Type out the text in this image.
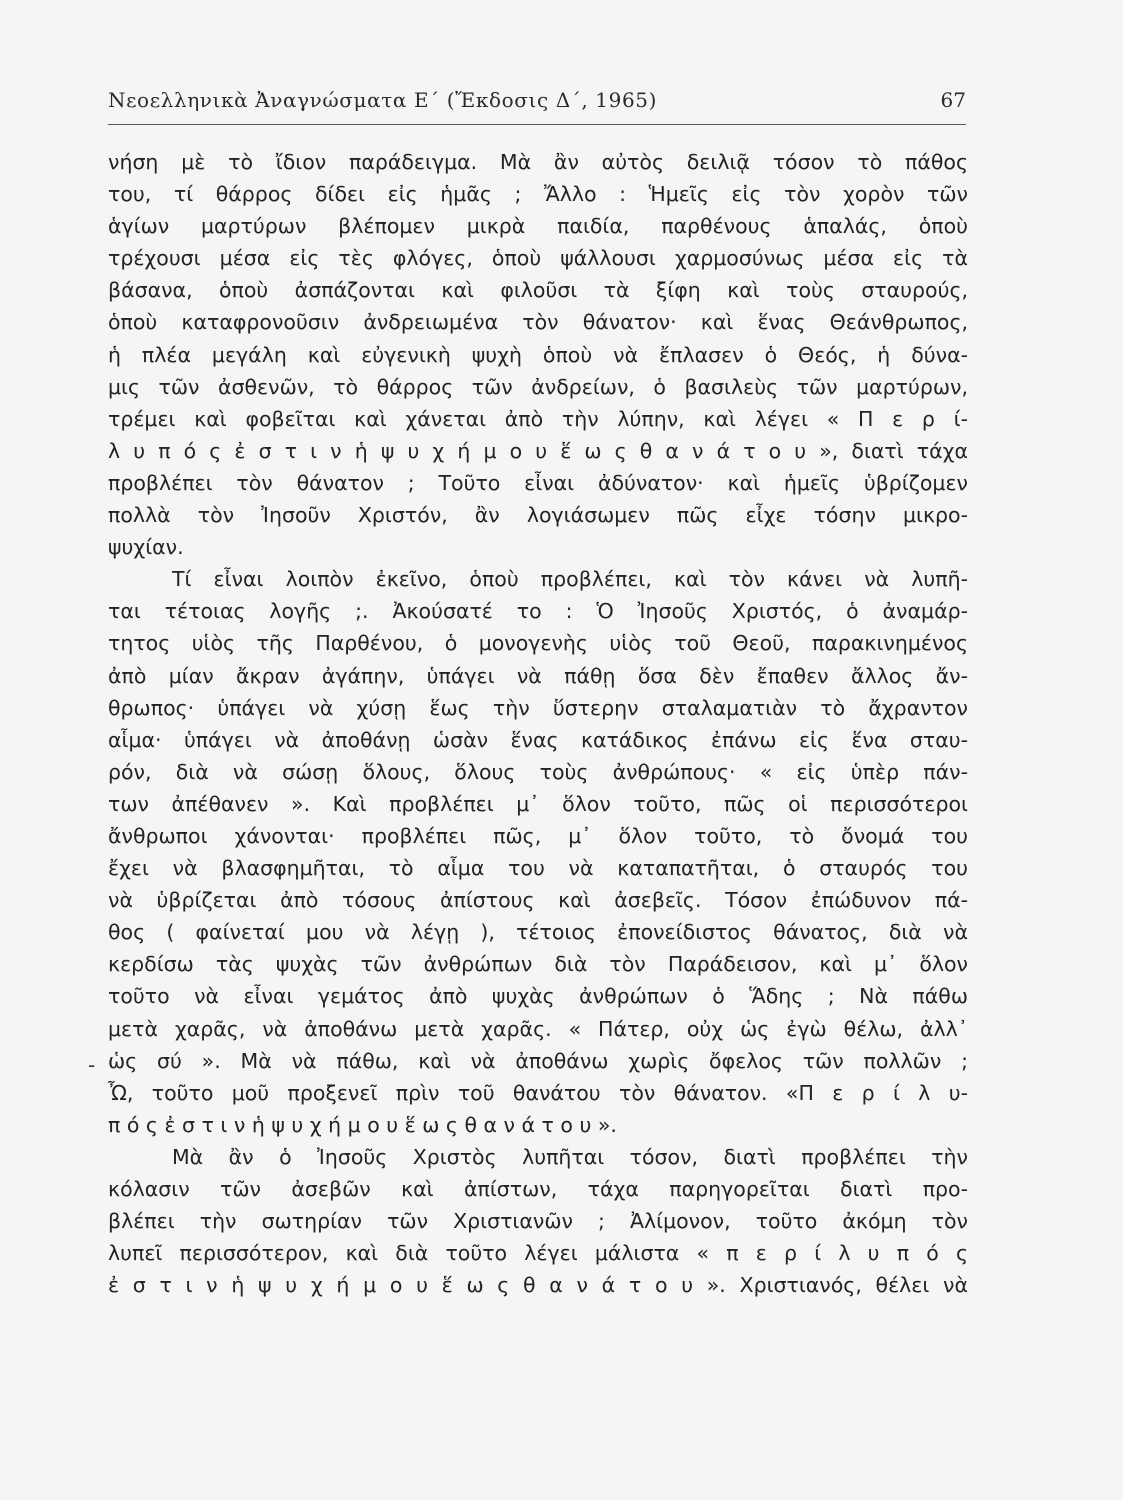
Νεοελληνικὰ Ἀναγνώσματα Ε΄ (Ἔκδοσις Δ΄, 1965)	67
-
νήση μὲ τὸ ἴδιον παράδειγμα. Μὰ ἂν αὐτὸς δειλιᾷ τόσον τὸ πάθος
του, τί θάρρος δίδει εἰς ἡμᾶς ; Ἄλλο : Ἡμεῖς εἰς τὸν χορὸν τῶν
ἁγίων μαρτύρων βλέπομεν μικρὰ παιδία, παρθένους ἁπαλάς, ὁποὺ
τρέχουσι μέσα εἰς τὲς φλόγες, ὁποὺ ψάλλουσι χαρμοσύνως μέσα εἰς τὰ
βάσανα, ὁποὺ ἀσπάζονται καὶ φιλοῦσι τὰ ξίφη καὶ τοὺς σταυρούς,
ὁποὺ καταφρονοῦσιν ἀνδρειωμένα τὸν θάνατον· καὶ ἕνας Θεάνθρωπος,
ἡ πλέα μεγάλη καὶ εὐγενικὴ ψυχὴ ὁποὺ νὰ ἔπλασεν ὁ Θεός, ἡ δύνα-
μις τῶν ἀσθενῶν, τὸ θάρρος τῶν ἀνδρείων, ὁ βασιλεὺς τῶν μαρτύρων,
τρέμει καὶ φοβεῖται καὶ χάνεται ἀπὸ τὴν λύπην, καὶ λέγει « Π ε ρ ί-
λ υ π ό ς ἐ σ τ ι ν ἡ ψ υ χ ή μ ο υ ἕ ω ς θ α ν ά τ ο υ », διατὶ τάχα
προβλέπει τὸν θάνατον ; Τοῦτο εἶναι ἀδύνατον· καὶ ἡμεῖς ὑβρίζομεν
πολλὰ τὸν Ἰησοῦν Χριστόν, ἂν λογιάσωμεν πῶς εἶχε τόσην μικρο-
ψυχίαν.
Τί εἶναι λοιπὸν ἐκεῖνο, ὁποὺ προβλέπει, καὶ τὸν κάνει νὰ λυπῆ-
ται τέτοιας λογῆς ;. Ἀκούσατέ το : Ὁ Ἰησοῦς Χριστός, ὁ ἀναμάρ-
τητος υἱὸς τῆς Παρθένου, ὁ μονογενὴς υἱὸς τοῦ Θεοῦ, παρακινημένος
ἀπὸ μίαν ἄκραν ἀγάπην, ὑπάγει νὰ πάθῃ ὅσα δὲν ἔπαθεν ἄλλος ἄν-
θρωπος· ὑπάγει νὰ χύσῃ ἕως τὴν ὕστερην σταλαματιὰν τὸ ἄχραντον
αἷμα· ὑπάγει νὰ ἀποθάνῃ ὡσὰν ἕνας κατάδικος ἐπάνω εἰς ἕνα σταυ-
ρόν, διὰ νὰ σώσῃ ὅλους, ὅλους τοὺς ἀνθρώπους· « εἰς ὑπὲρ πάν-
των ἀπέθανεν ». Καὶ προβλέπει μ᾽ ὅλον τοῦτο, πῶς οἱ περισσότεροι
ἄνθρωποι χάνονται· προβλέπει πῶς, μ᾽ ὅλον τοῦτο, τὸ ὄνομά του
ἔχει νὰ βλασφημῆται, τὸ αἷμα του νὰ καταπατῆται, ὁ σταυρός του
νὰ ὑβρίζεται ἀπὸ τόσους ἀπίστους καὶ ἀσεβεῖς. Τόσον ἐπώδυνον πά-
θος ( φαίνεταί μου νὰ λέγῃ ), τέτοιος ἐπονείδιστος θάνατος, διὰ νὰ
κερδίσω τὰς ψυχὰς τῶν ἀνθρώπων διὰ τὸν Παράδεισον, καὶ μ᾽ ὅλον
τοῦτο νὰ εἶναι γεμάτος ἀπὸ ψυχὰς ἀνθρώπων ὁ Ἅδης ; Νὰ πάθω
μετὰ χαρᾶς, νὰ ἀποθάνω μετὰ χαρᾶς. « Πάτερ, οὐχ ὡς ἐγὼ θέλω, ἀλλ᾽
ὡς σύ ». Μὰ νὰ πάθω, καὶ νὰ ἀποθάνω χωρὶς ὄφελος τῶν πολλῶν ;
Ὦ, τοῦτο μοῦ προξενεῖ πρὶν τοῦ θανάτου τὸν θάνατον. «Π ε ρ ί λ υ-
π ό ς ἐ σ τ ι ν ἡ ψ υ χ ή μ ο υ ἕ ω ς θ α ν ά τ ο υ ».
Μὰ ἂν ὁ Ἰησοῦς Χριστὸς λυπῆται τόσον, διατὶ προβλέπει τὴν
κόλασιν τῶν ἀσεβῶν καὶ ἀπίστων, τάχα παρηγορεῖται διατὶ προ-
βλέπει τὴν σωτηρίαν τῶν Χριστιανῶν ; Ἀλίμονον, τοῦτο ἀκόμη τὸν
λυπεῖ περισσότερον, καὶ διὰ τοῦτο λέγει μάλιστα « π ε ρ ί λ υ π ό ς
ἐ σ τ ι ν ἡ ψ υ χ ή μ ο υ ἕ ω ς θ α ν ά τ ο υ ». Χριστιανός, θέλει νὰ
